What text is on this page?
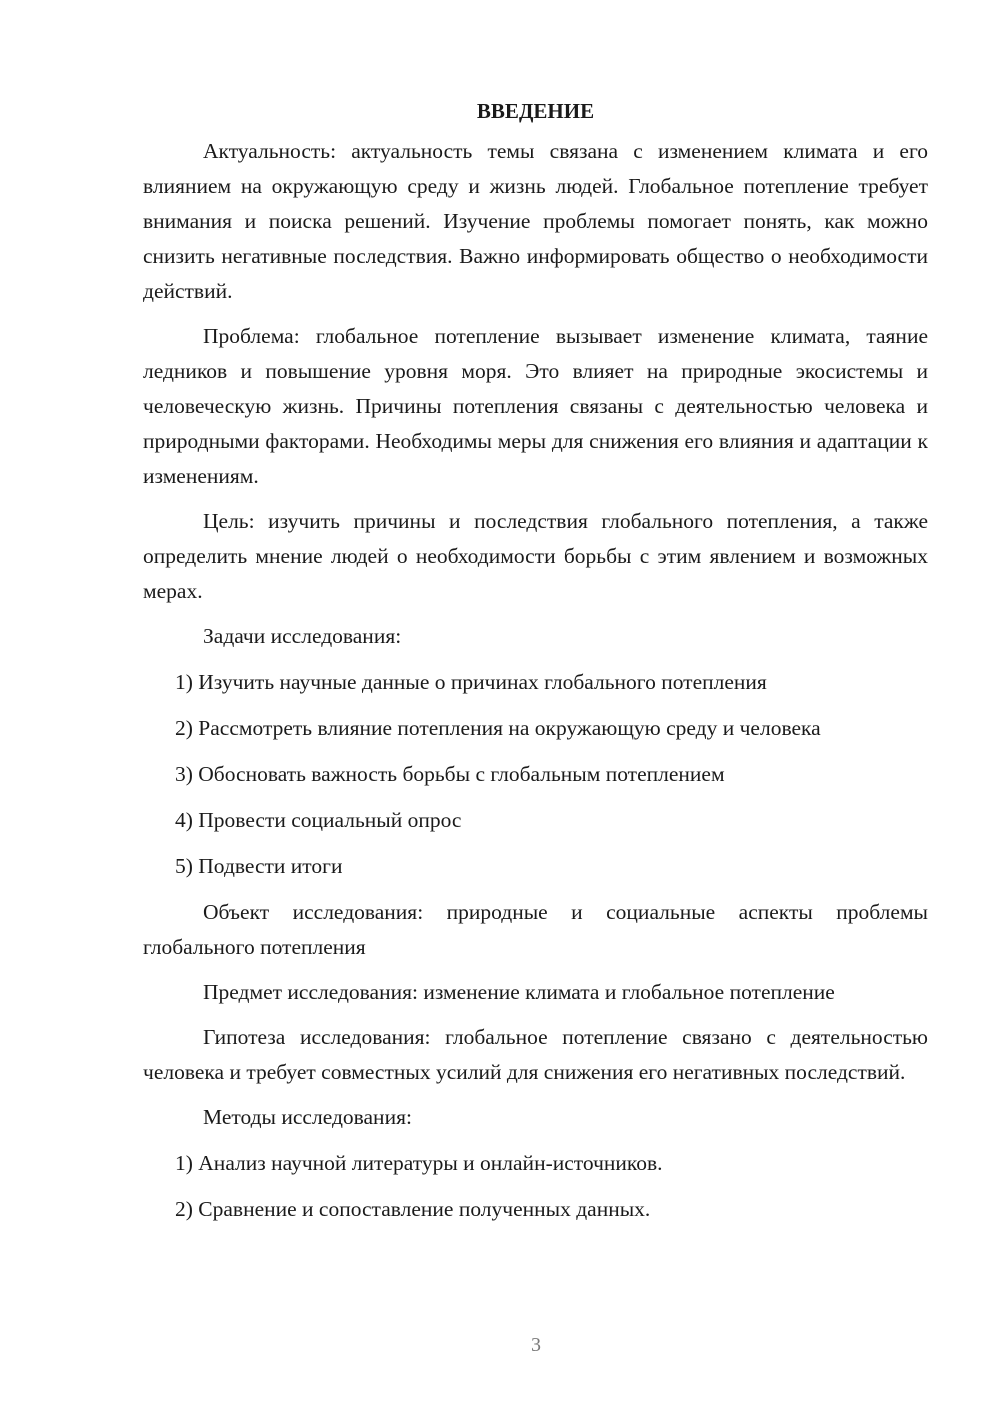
ВВЕДЕНИЕ

Актуальность: актуальность темы связана с изменением климата и его влиянием на окружающую среду и жизнь людей. Глобальное потепление требует внимания и поиска решений. Изучение проблемы помогает понять, как можно снизить негативные последствия. Важно информировать общество о необходимости действий.

Проблема: глобальное потепление вызывает изменение климата, таяние ледников и повышение уровня моря. Это влияет на природные экосистемы и человеческую жизнь. Причины потепления связаны с деятельностью человека и природными факторами. Необходимы меры для снижения его влияния и адаптации к изменениям.

Цель: изучить причины и последствия глобального потепления, а также определить мнение людей о необходимости борьбы с этим явлением и возможных мерах.

Задачи исследования:
1) Изучить научные данные о причинах глобального потепления
2) Рассмотреть влияние потепления на окружающую среду и человека
3) Обосновать важность борьбы с глобальным потеплением
4) Провести социальный опрос
5) Подвести итоги

Объект исследования: природные и социальные аспекты проблемы глобального потепления

Предмет исследования: изменение климата и глобальное потепление

Гипотеза исследования: глобальное потепление связано с деятельностью человека и требует совместных усилий для снижения его негативных последствий.

Методы исследования:
1) Анализ научной литературы и онлайн-источников.
2) Сравнение и сопоставление полученных данных.
3
